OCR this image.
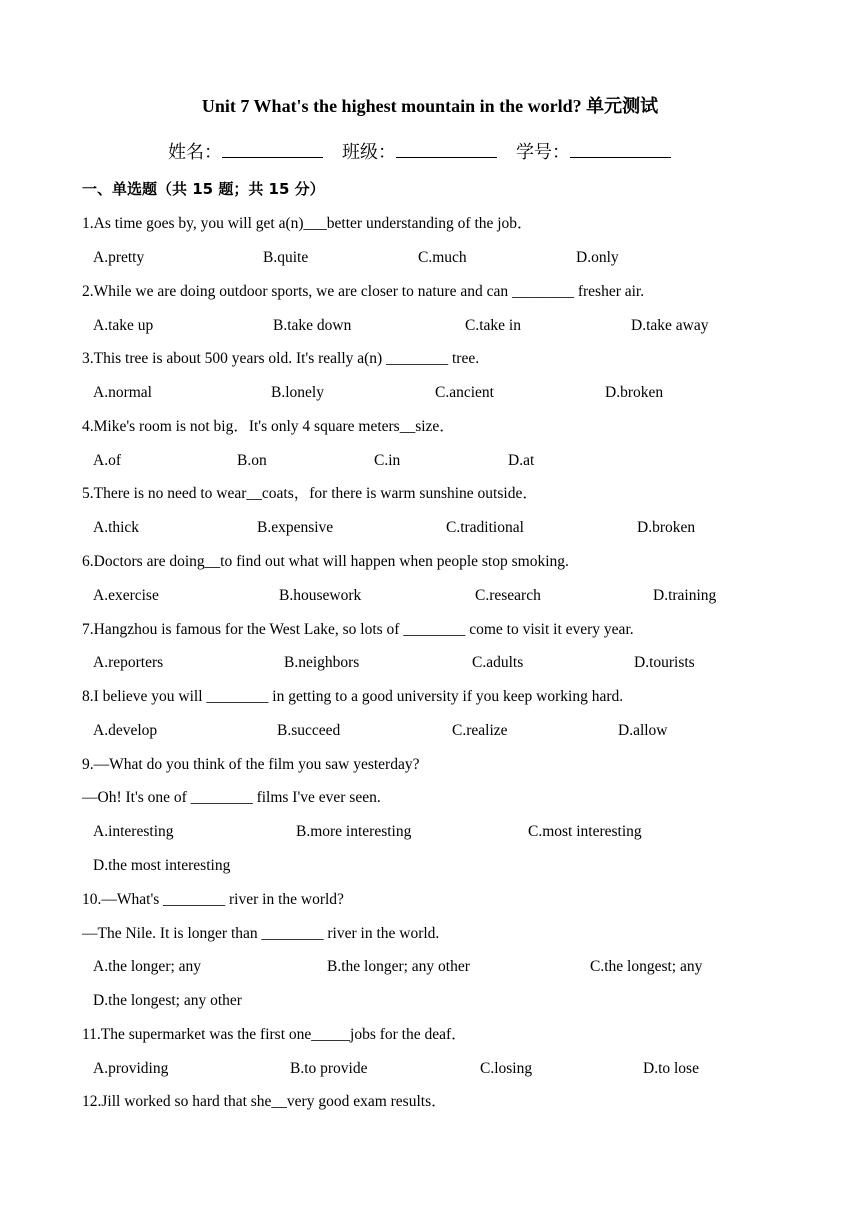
Unit 7 What's the highest mountain in the world? 单元测试
姓名：	班级：	学号：
一、单选题（共 15 题；共 15 分）
1.As time goes by, you will get a(n)___better understanding of the job．
A.pretty	B.quite	C.much	D.only
2.While we are doing outdoor sports, we are closer to nature and can ________ fresher air.
A.take up	B.take down	C.take in	D.take away
3.This tree is about 500 years old. It's really a(n) ________ tree.
A.normal	B.lonely	C.ancient	D.broken
4.Mike's room is not big．It's only 4 square meters__size．
A.of	B.on	C.in	D.at
5.There is no need to wear__coats，for there is warm sunshine outside．
A.thick	B.expensive	C.traditional	D.broken
6.Doctors are doing__to find out what will happen when people stop smoking.
A.exercise	B.housework	C.research	D.training
7.Hangzhou is famous for the West Lake, so lots of ________ come to visit it every year.
A.reporters	B.neighbors	C.adults	D.tourists
8.I believe you will ________ in getting to a good university if you keep working hard.
A.develop	B.succeed	C.realize	D.allow
9.—What do you think of the film you saw yesterday?
—Oh! It's one of ________ films I've ever seen.
A.interesting	B.more interesting	C.most interesting
D.the most interesting
10.—What's ________ river in the world?
—The Nile. It is longer than ________ river in the world.
A.the longer; any	B.the longer; any other	C.the longest; any
D.the longest; any other
11.The supermarket was the first one_____jobs for the deaf．
A.providing	B.to provide	C.losing	D.to lose
12.Jill worked so hard that she__very good exam results．
